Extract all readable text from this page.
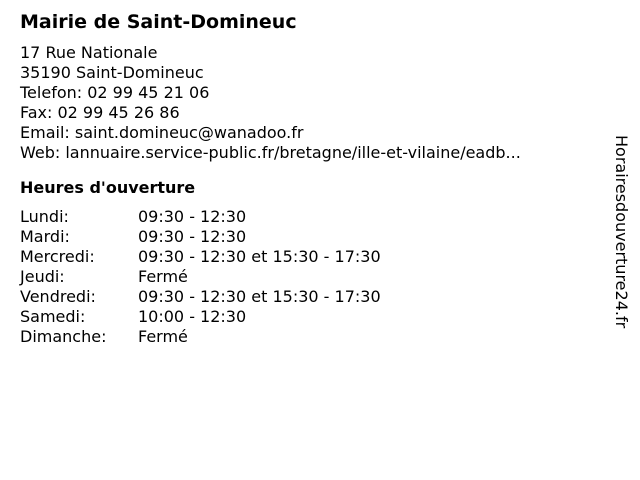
Mairie de Saint-Domineuc
17 Rue Nationale
35190 Saint-Domineuc
Telefon: 02 99 45 21 06
Fax: 02 99 45 26 86
Email: saint.domineuc@wanadoo.fr
Web: lannuaire.service-public.fr/bretagne/ille-et-vilaine/eadb...
Heures d'ouverture
Lundi:	09:30 - 12:30
Mardi:	09:30 - 12:30
Mercredi:	09:30 - 12:30 et 15:30 - 17:30
Jeudi:	Fermé
Vendredi:	09:30 - 12:30 et 15:30 - 17:30
Samedi:	10:00 - 12:30
Dimanche: Fermé
Horairesdouverture24.fr
